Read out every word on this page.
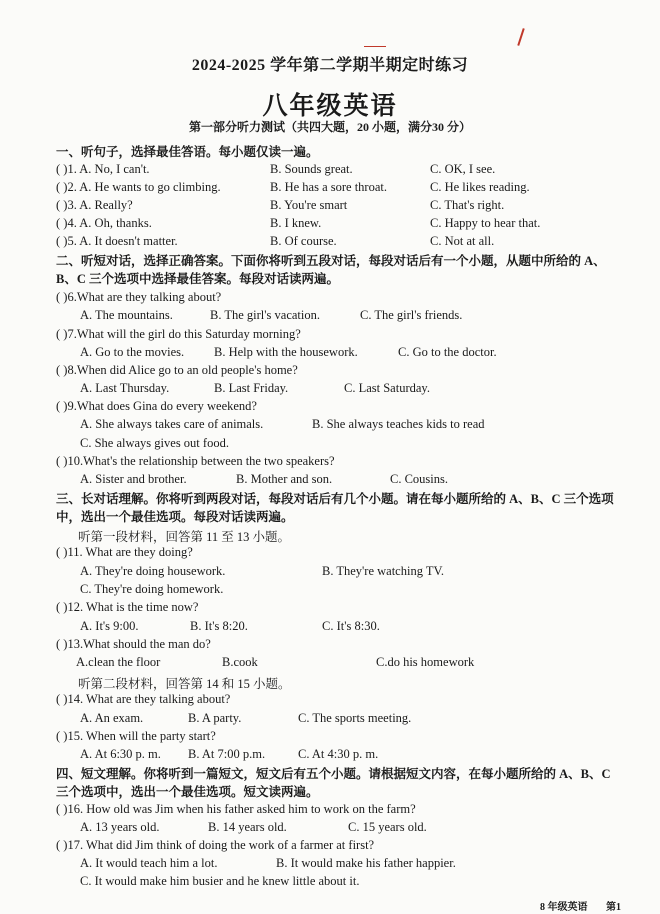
2024-2025 学年第二学期半期定时练习
八年级英语
第一部分听力测试（共四大题，20 小题，满分30 分）
一、听句子，选择最佳答语。每小题仅读一遍。
( )1. A. No, I can't.	B. Sounds great.	C. OK, I see.
( )2. A. He wants to go climbing.	B. He has a sore throat.	C. He likes reading.
( )3. A. Really?	B. You're smart	C. That's right.
( )4. A. Oh, thanks.	B. I knew.	C. Happy to hear that.
( )5. A. It doesn't matter.	B. Of course.	C. Not at all.
二、听短对话，选择正确答案。下面你将听到五段对话，每段对话后有一个小题，从题中所给的 A、B、C 三个选项中选择最佳答案。每段对话读两遍。
( )6.What are they talking about?
A. The mountains.	B. The girl's vacation.	C. The girl's friends.
( )7.What will the girl do this Saturday morning?
A. Go to the movies. B. Help with the housework.	C. Go to the doctor.
( )8.When did Alice go to an old people's home?
A. Last Thursday.	B. Last Friday.	C. Last Saturday.
( )9.What does Gina do every weekend?
A. She always takes care of animals.	B. She always teaches kids to read
C. She always gives out food.
( )10.What's the relationship between the two speakers?
A. Sister and brother.	B. Mother and son.	C. Cousins.
三、长对话理解。你将听到两段对话，每段对话后有几个小题。请在每小题所给的 A、B、C 三个选项中，选出一个最佳选项。每段对话读两遍。
听第一段材料，回答第 11 至 13 小题。
( )11. What are they doing?
A. They're doing housework.	B. They're watching TV.
C. They're doing homework.
( )12. What is the time now?
A. It's 9:00.	B. It's 8:20.	C. It's 8:30.
( )13.What should the man do?
A.clean the floor	B.cook	C.do his homework
听第二段材料，回答第 14 和 15 小题。
( )14. What are they talking about?
A. An exam.	B. A party.	C. The sports meeting.
( )15. When will the party start?
A. At 6:30 p. m. B. At 7:00 p.m.	C. At 4:30 p. m.
四、短文理解。你将听到一篇短文，短文后有五个小题。请根据短文内容，在每小题所给的 A、B、C 三个选项中，选出一个最佳选项。短文读两遍。
( )16. How old was Jim when his father asked him to work on the farm?
A. 13 years old.	B. 14 years old.	C. 15 years old.
( )17. What did Jim think of doing the work of a farmer at first?
A. It would teach him a lot.	B. It would make his father happier.
C. It would make him busier and he knew little about it.
8 年级英语 第1
